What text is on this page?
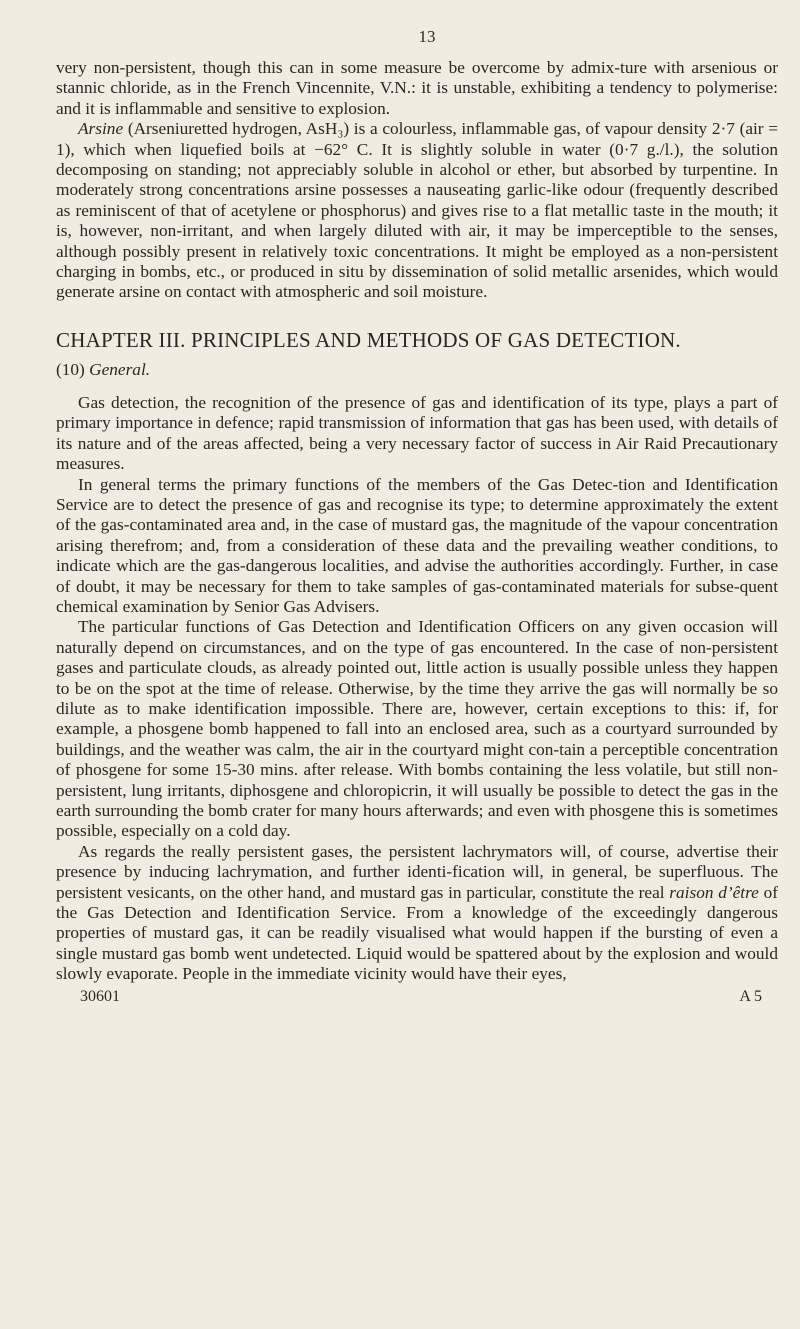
13

very non-persistent, though this can in some measure be overcome by admix-ture with arsenious or stannic chloride, as in the French Vincennite, V.N.: it is unstable, exhibiting a tendency to polymerise: and it is inflammable and sensitive to explosion.

Arsine (Arseniuretted hydrogen, AsH₃) is a colourless, inflammable gas, of vapour density 2·7 (air = 1), which when liquefied boils at −62° C. It is slightly soluble in water (0·7 g./l.), the solution decomposing on standing; not appreciably soluble in alcohol or ether, but absorbed by turpentine. In moderately strong concentrations arsine possesses a nauseating garlic-like odour (frequently described as reminiscent of that of acetylene or phosphorus) and gives rise to a flat metallic taste in the mouth; it is, however, non-irritant, and when largely diluted with air, it may be imperceptible to the senses, although possibly present in relatively toxic concentrations. It might be employed as a non-persistent charging in bombs, etc., or produced in situ by dissemination of solid metallic arsenides, which would generate arsine on contact with atmospheric and soil moisture.

CHAPTER III. PRINCIPLES AND METHODS OF GAS DETECTION.
(10) General.

Gas detection, the recognition of the presence of gas and identification of its type, plays a part of primary importance in defence; rapid transmission of information that gas has been used, with details of its nature and of the areas affected, being a very necessary factor of success in Air Raid Precautionary measures.

In general terms the primary functions of the members of the Gas Detec-tion and Identification Service are to detect the presence of gas and recognise its type; to determine approximately the extent of the gas-contaminated area and, in the case of mustard gas, the magnitude of the vapour concentration arising therefrom; and, from a consideration of these data and the prevailing weather conditions, to indicate which are the gas-dangerous localities, and advise the authorities accordingly. Further, in case of doubt, it may be necessary for them to take samples of gas-contaminated materials for subse-quent chemical examination by Senior Gas Advisers.

The particular functions of Gas Detection and Identification Officers on any given occasion will naturally depend on circumstances, and on the type of gas encountered. In the case of non-persistent gases and particulate clouds, as already pointed out, little action is usually possible unless they happen to be on the spot at the time of release. Otherwise, by the time they arrive the gas will normally be so dilute as to make identification impossible. There are, however, certain exceptions to this: if, for example, a phosgene bomb happened to fall into an enclosed area, such as a courtyard surrounded by buildings, and the weather was calm, the air in the courtyard might con-tain a perceptible concentration of phosgene for some 15-30 mins. after release. With bombs containing the less volatile, but still non-persistent, lung irritants, diphosgene and chloropicrin, it will usually be possible to detect the gas in the earth surrounding the bomb crater for many hours afterwards; and even with phosgene this is sometimes possible, especially on a cold day.

As regards the really persistent gases, the persistent lachrymators will, of course, advertise their presence by inducing lachrymation, and further identi-fication will, in general, be superfluous. The persistent vesicants, on the other hand, and mustard gas in particular, constitute the real raison d’être of the Gas Detection and Identification Service. From a knowledge of the exceedingly dangerous properties of mustard gas, it can be readily visualised what would happen if the bursting of even a single mustard gas bomb went undetected. Liquid would be spattered about by the explosion and would slowly evaporate. People in the immediate vicinity would have their eyes,

30601	A 5
